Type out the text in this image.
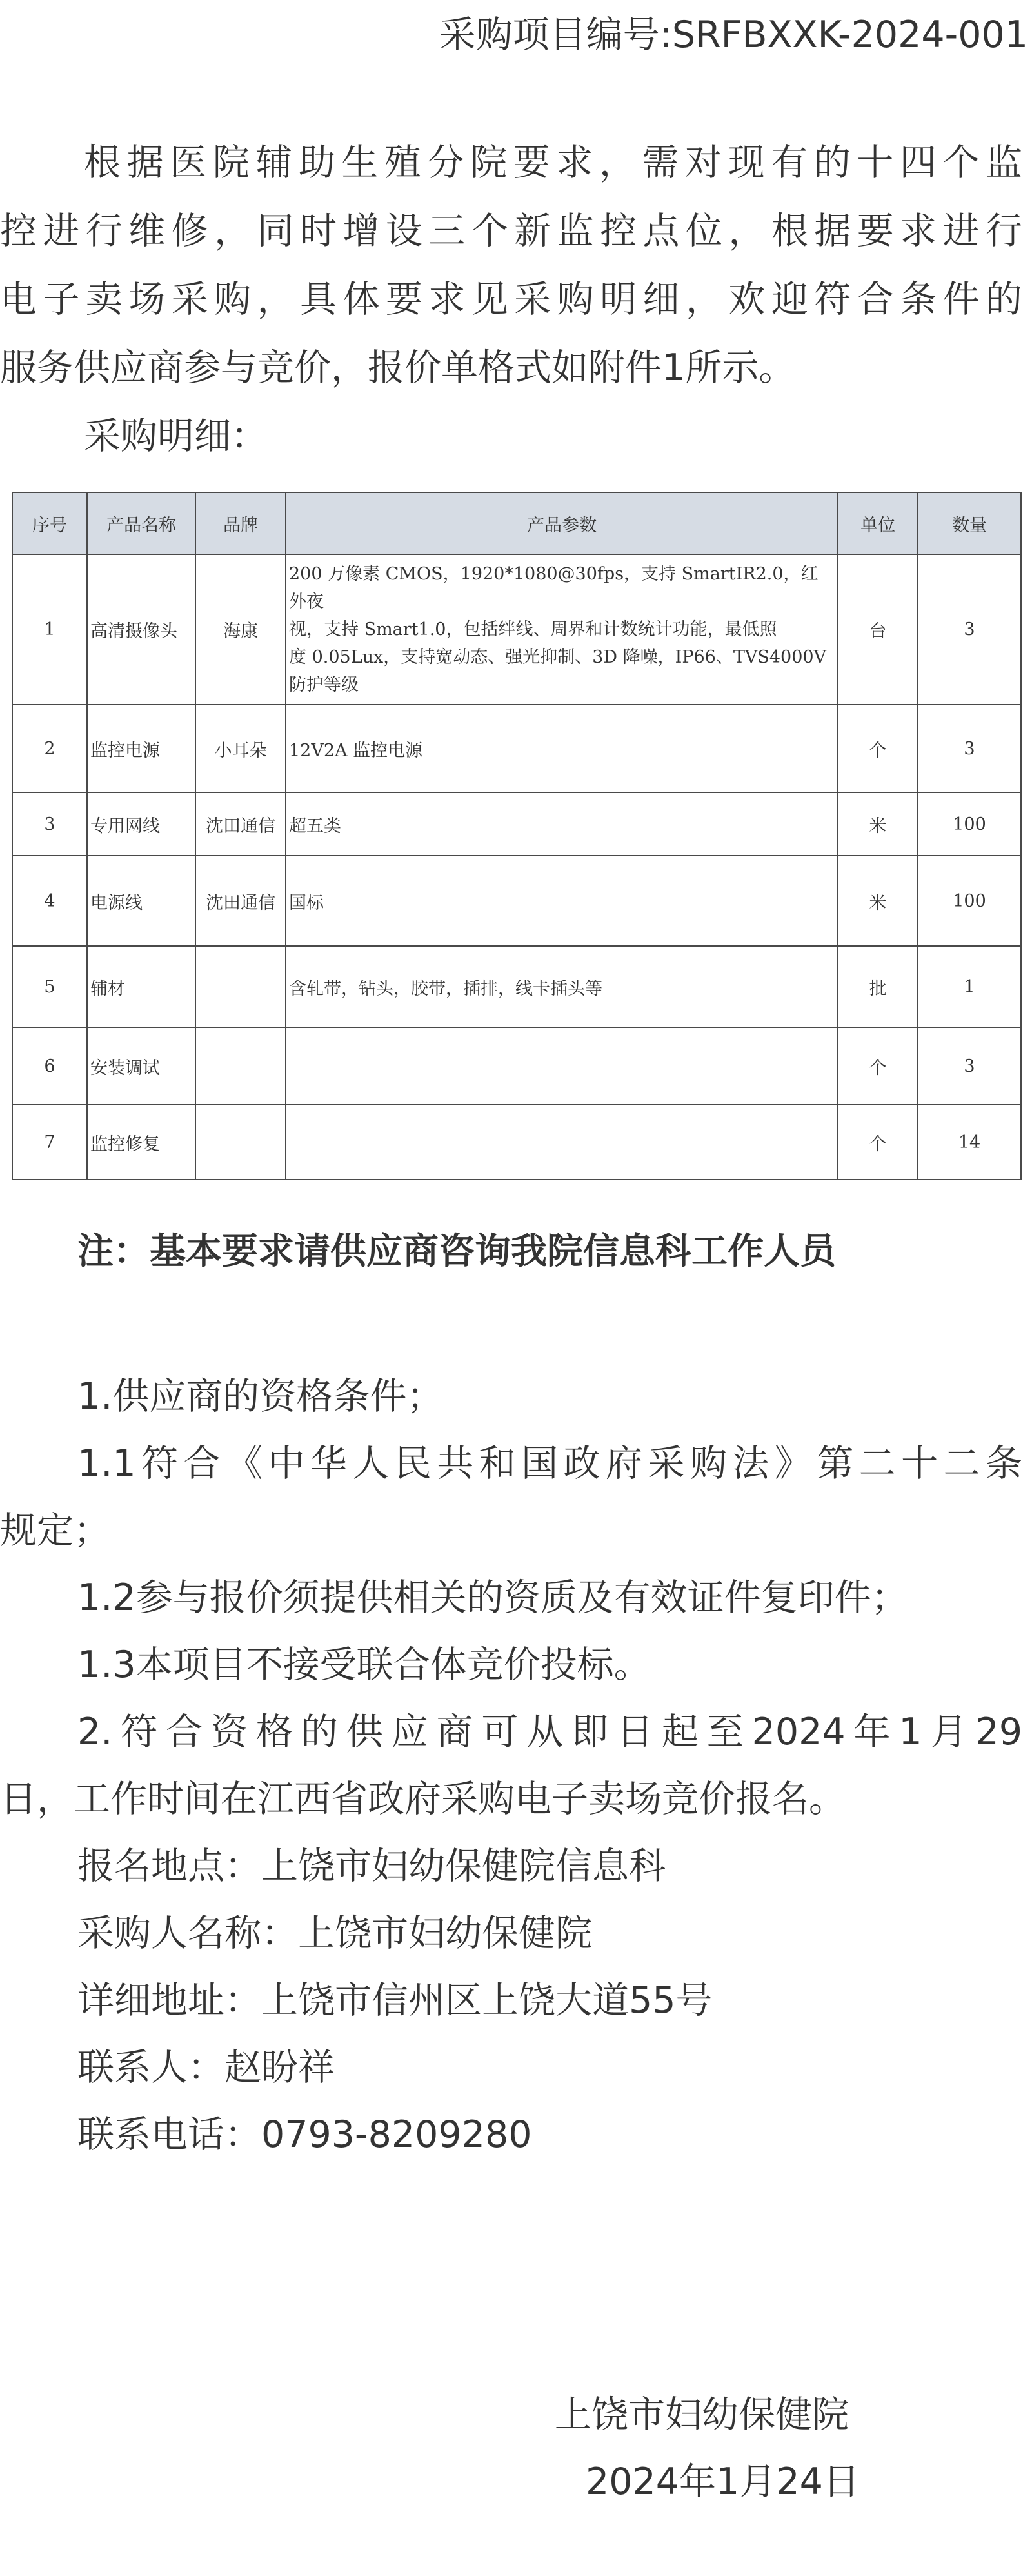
采购项目编号:SRFBXXK-2024-001
根据医院辅助生殖分院要求，需对现有的十四个监
控进行维修，同时增设三个新监控点位，根据要求进行
电子卖场采购，具体要求见采购明细，欢迎符合条件的
服务供应商参与竞价，报价单格式如附件1所示。
采购明细：
序号	产品名称	品牌	产品参数	单位	数量
1	高清摄像头	海康	200 万像素 CMOS，1920*1080@30fps，支持 SmartIR2.0，红外夜
视，支持 Smart1.0，包括绊线、周界和计数统计功能，最低照
度 0.05Lux，支持宽动态、强光抑制、3D 降噪，IP66、TVS4000V
防护等级	台	3
2	监控电源	小耳朵	12V2A 监控电源	个	3
3	专用网线	沈田通信	超五类	米	100
4	电源线	沈田通信	国标	米	100
5	辅材		含轧带，钻头，胶带，插排，线卡插头等	批	1
6	安装调试			个	3
7	监控修复			个	14
注：基本要求请供应商咨询我院信息科工作人员
1.供应商的资格条件；
1.1符合《中华人民共和国政府采购法》第二十二条
规定；
1.2参与报价须提供相关的资质及有效证件复印件；
1.3本项目不接受联合体竞价投标。
2.符合资格的供应商可从即日起至2024年1月29
日，工作时间在江西省政府采购电子卖场竞价报名。
报名地点：上饶市妇幼保健院信息科
采购人名称：上饶市妇幼保健院
详细地址：上饶市信州区上饶大道55号
联系人：赵盼祥
联系电话：0793-8209280
上饶市妇幼保健院
2024年1月24日
